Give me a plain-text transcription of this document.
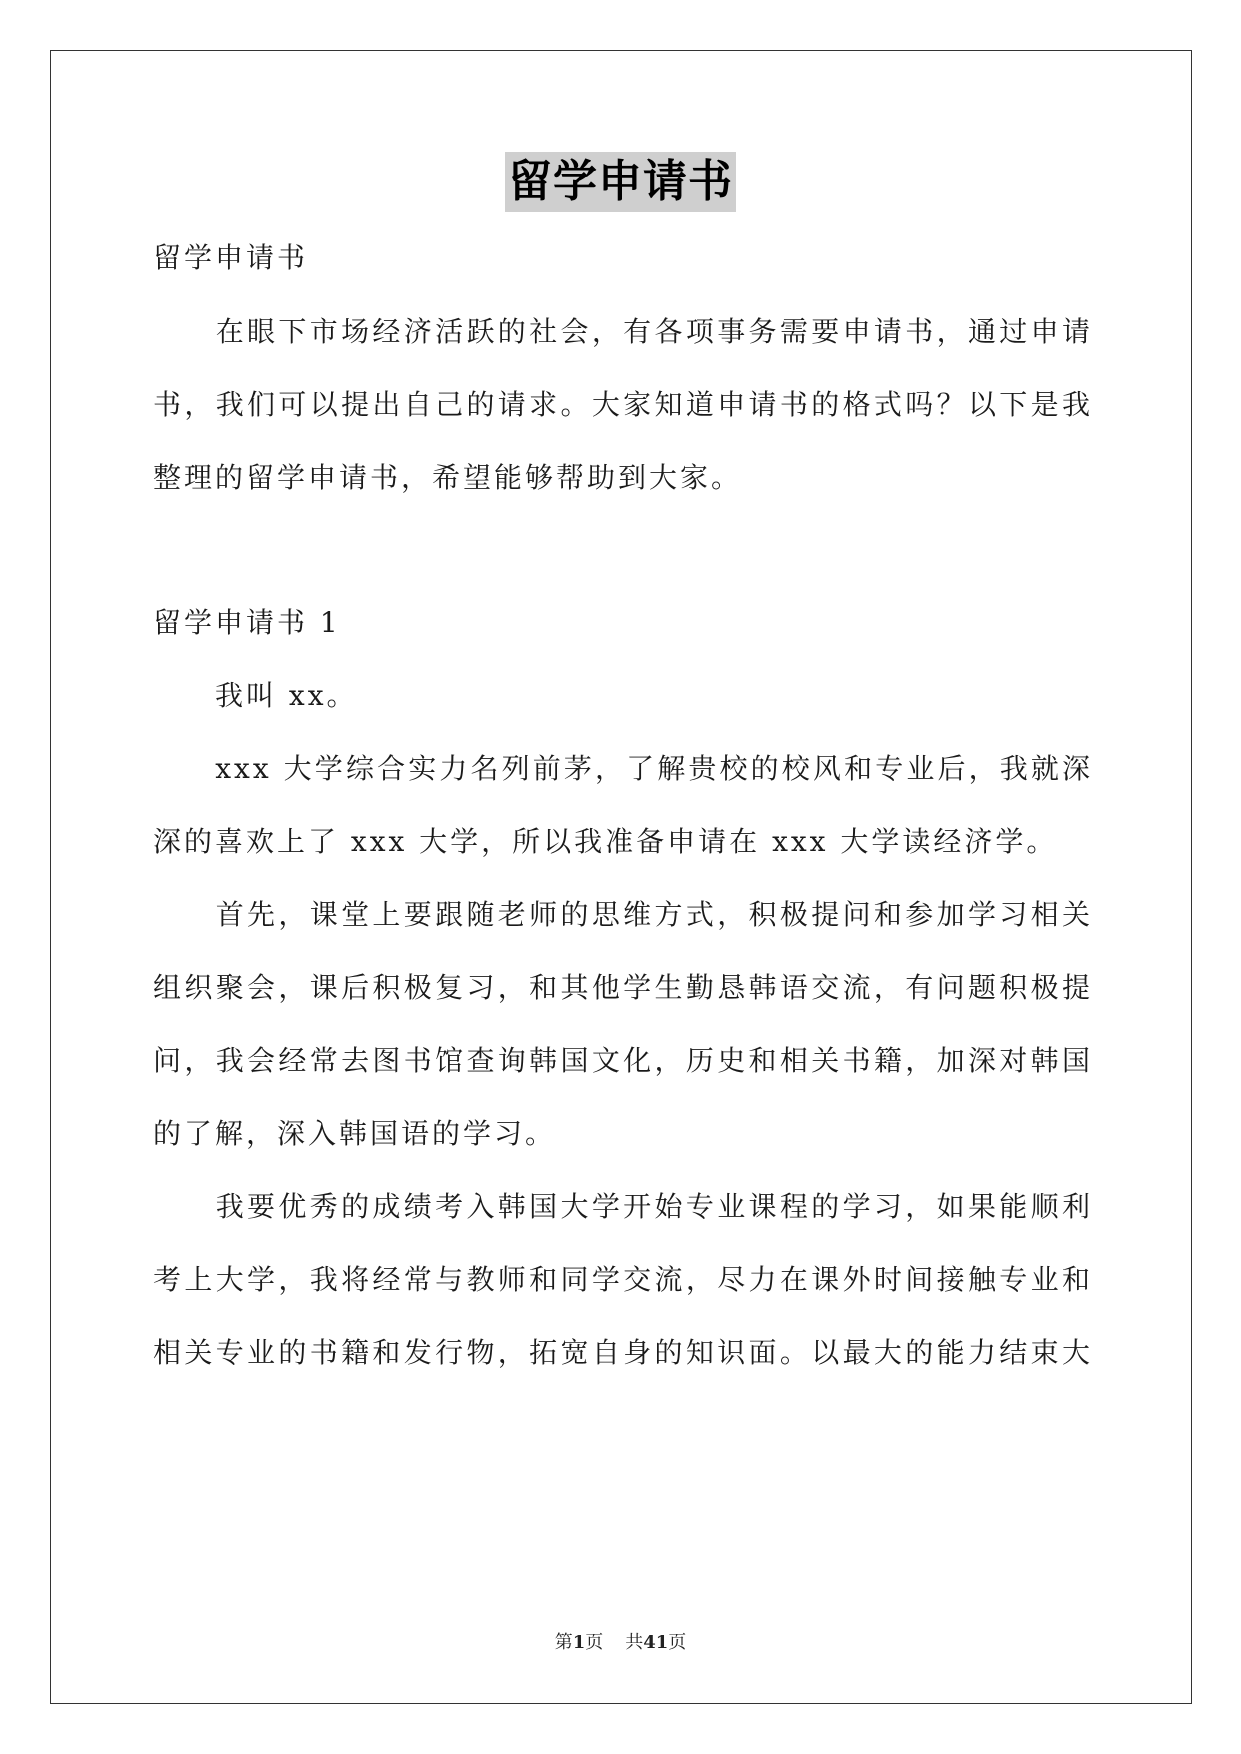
留学申请书
留学申请书
　　在眼下市场经济活跃的社会，有各项事务需要申请书，通过申请
书，我们可以提出自己的请求。大家知道申请书的格式吗？以下是我
整理的留学申请书，希望能够帮助到大家。
留学申请书 1
　　我叫 xx。
　　xxx 大学综合实力名列前茅，了解贵校的校风和专业后，我就深
深的喜欢上了 xxx 大学，所以我准备申请在 xxx 大学读经济学。
　　首先，课堂上要跟随老师的思维方式，积极提问和参加学习相关
组织聚会，课后积极复习，和其他学生勤恳韩语交流，有问题积极提
问，我会经常去图书馆查询韩国文化，历史和相关书籍，加深对韩国
的了解，深入韩国语的学习。
　　我要优秀的成绩考入韩国大学开始专业课程的学习，如果能顺利
考上大学，我将经常与教师和同学交流，尽力在课外时间接触专业和
相关专业的书籍和发行物，拓宽自身的知识面。以最大的能力结束大
第1页 共41页
